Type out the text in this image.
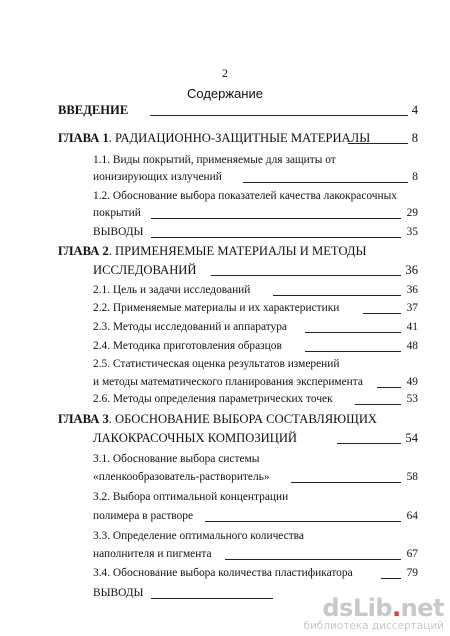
2
Содержание
ВВЕДЕНИЕ	4
ГЛАВА 1. РАДИАЦИОННО-ЗАЩИТНЫЕ МАТЕРИАЛЫ	8
1.1. Виды покрытий, применяемые для защиты от
ионизирующих излучений	8
1.2. Обоснование выбора показателей качества лакокрасочных
покрытий	29
ВЫВОДЫ	35
ГЛАВА 2. ПРИМЕНЯЕМЫЕ МАТЕРИАЛЫ И МЕТОДЫ
ИССЛЕДОВАНИЙ	36
2.1. Цель и задачи исследований	36
2.2. Применяемые материалы и их характеристики	37
2.3. Методы исследований и аппаратура	41
2.4. Методика приготовления образцов	48
2.5. Статистическая оценка результатов измерений
и методы математического планирования эксперимента	49
2.6. Методы определения параметрических точек	53
ГЛАВА 3. ОБОСНОВАНИЕ ВЫБОРА СОСТАВЛЯЮЩИХ
ЛАКОКРАСОЧНЫХ КОМПОЗИЦИЙ	54
3.1. Обоснование выбора системы
«пленкообразователь-растворитель»	58
3.2. Выбора оптимальной концентрации
полимера в растворе	64
3.3. Определение оптимального количества
наполнителя и пигмента	67
3.4. Обоснование выбора количества пластификатора	79
ВЫВОДЫ
dsLib.net
библиотека диссертаций
